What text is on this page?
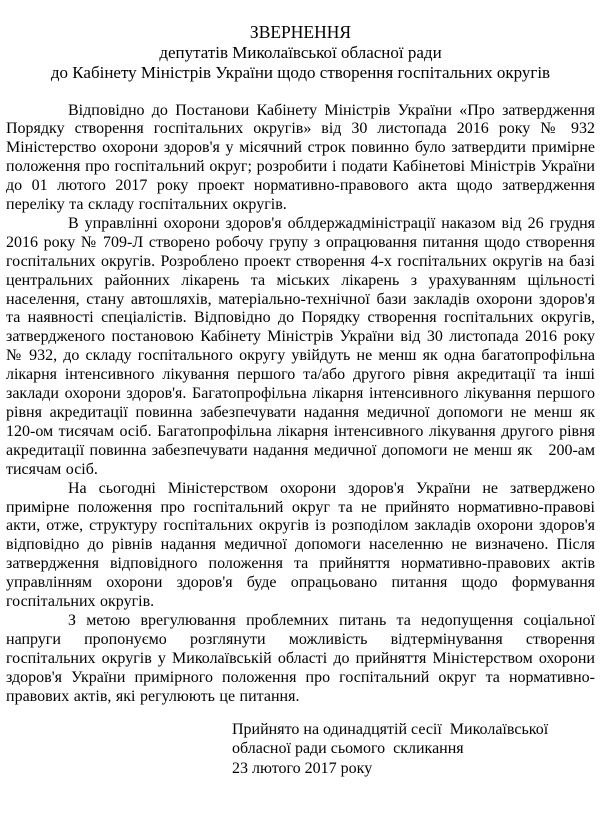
ЗВЕРНЕННЯ
депутатів Миколаївської обласної ради
до Кабінету Міністрів України щодо створення госпітальних округів

Відповідно до Постанови Кабінету Міністрів України «Про затвердження Порядку створення госпітальних округів» від 30 листопада 2016 року № 932 Міністерство охорони здоров'я у місячний строк повинно було затвердити примірне положення про госпітальний округ; розробити і подати Кабінетові Міністрів України до 01 лютого 2017 року проект нормативно-правового акта щодо затвердження переліку та складу госпітальних округів.

В управлінні охорони здоров'я облдержадміністрації наказом від 26 грудня 2016 року № 709-Л створено робочу групу з опрацювання питання щодо створення госпітальних округів. Розроблено проект створення 4-х госпітальних округів на базі центральних районних лікарень та міських лікарень з урахуванням щільності населення, стану автошляхів, матеріально-технічної бази закладів охорони здоров'я та наявності спеціалістів. Відповідно до Порядку створення госпітальних округів, затвердженого постановою Кабінету Міністрів України від 30 листопада 2016 року № 932, до складу госпітального округу увійдуть не менш як одна багатопрофільна лікарня інтенсивного лікування першого та/або другого рівня акредитації та інші заклади охорони здоров'я. Багатопрофільна лікарня інтенсивного лікування першого рівня акредитації повинна забезпечувати надання медичної допомоги не менш як 120-ом тисячам осіб. Багатопрофільна лікарня інтенсивного лікування другого рівня акредитації повинна забезпечувати надання медичної допомоги не менш як   200-ам тисячам осіб.

На сьогодні Міністерством охорони здоров'я України не затверджено примірне положення про госпітальний округ та не прийнято нормативно-правові акти, отже, структуру госпітальних округів із розподілом закладів охорони здоров'я відповідно до рівнів надання медичної допомоги населенню не визначено. Після затвердження відповідного положення та прийняття нормативно-правових актів управлінням охорони здоров'я буде опрацьовано питання щодо формування госпітальних округів.

З метою врегулювання проблемних питань та недопущення соціальної напруги пропонуємо розглянути можливість відтермінування створення госпітальних округів у Миколаївській області до прийняття Міністерством охорони здоров'я України примірного положення про госпітальний округ та нормативно-правових актів, які регулюють це питання.

Прийнято на одинадцятій сесії  Миколаївської
обласної ради сьомого  скликання
23 лютого 2017 року
